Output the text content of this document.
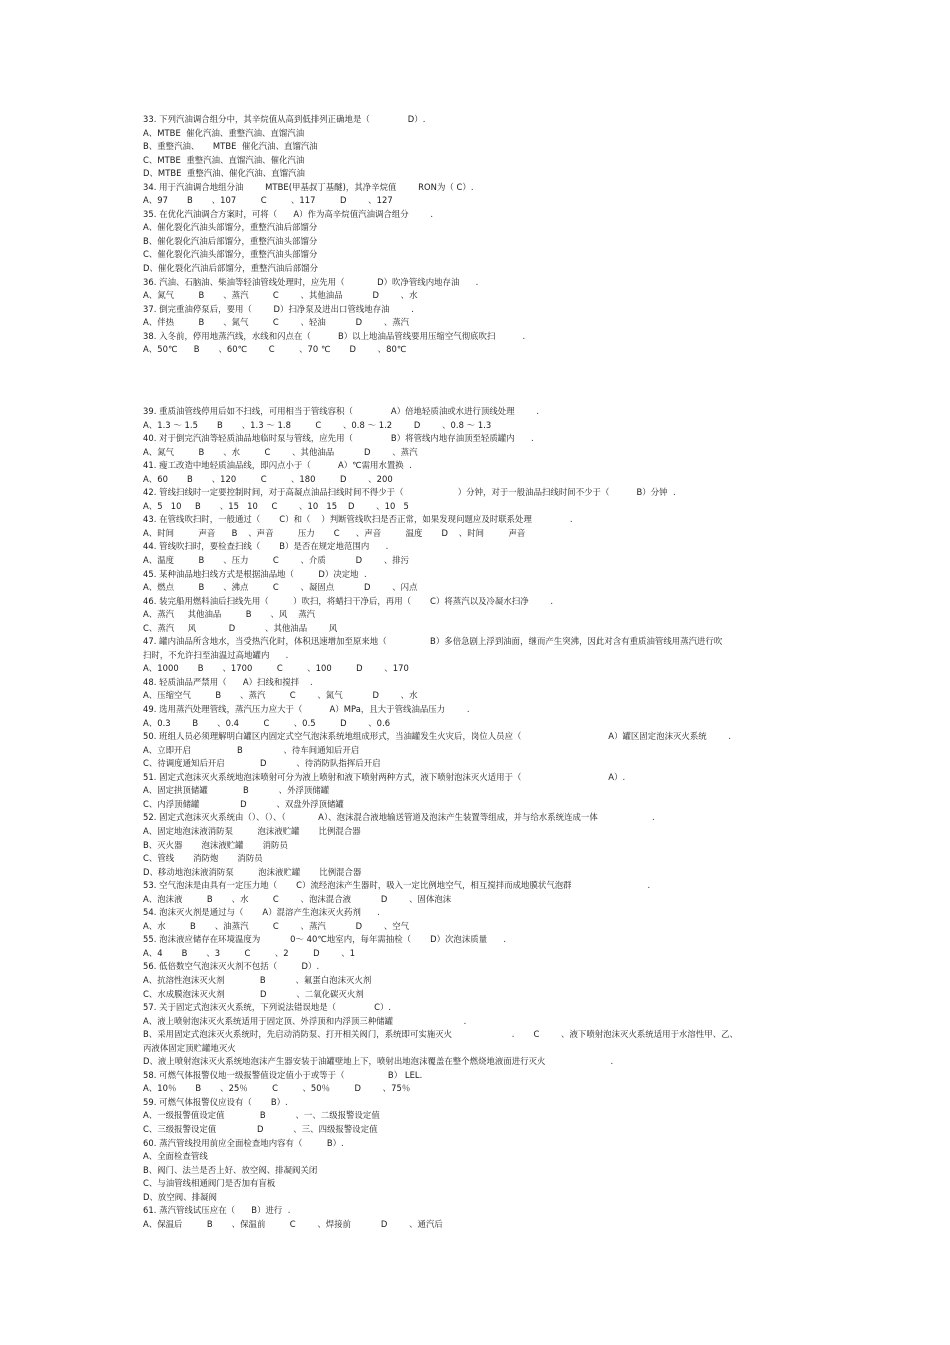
33. 下列汽油调合组分中，其辛烷值从高到低排列正确地是（              D）.
A、MTBE  催化汽油、重整汽油、直馏汽油
B、重整汽油、     MTBE  催化汽油、直馏汽油
C、MTBE  重整汽油、直馏汽油、催化汽油
D、MTBE  重整汽油、催化汽油、直馏汽油
34. 用于汽油调合地组分油        MTBE(甲基叔丁基醚)，其净辛烷值        RON为（ C）.
A、97       B       、107         C         、117         D        、127
35. 在优化汽油调合方案时，可将（      A）作为高辛烷值汽油调合组分        .
A、催化裂化汽油头部馏分，重整汽油后部馏分
B、催化裂化汽油后部馏分，重整汽油头部馏分
C、催化裂化汽油头部馏分，重整汽油头部馏分
D、催化裂化汽油后部馏分，重整汽油后部馏分
36. 汽油、石脑油、柴油等轻油管线处理时，应先用（            D）吹净管线内地存油      .
A、氮气         B       、蒸汽         C        、其他油品           D        、水
37. 倒完重油停泵后，要用（        D）扫净泵及进出口管线地存油        .
A、伴热         B       、氮气         C        、轻油           D        、蒸汽
38. 入冬前，停用地蒸汽线，水线和闪点在（          B）以上地油品管线要用压缩空气彻底吹扫          .
A、50℃      B       、60℃        C         、70 ℃       D        、80℃
39. 重质油管线停用后如不扫线，可用相当于管线容积（              A）倍地轻质油或水进行顶线处理        .
A、1.3 ～ 1.5       B       、1.3 ～ 1.8         C        、0.8 ～ 1.2        D        、0.8 ～ 1.3
40. 对于倒完汽油等轻质油品地临时泵与管线，应先用（              B）将管线内地存油顶至轻质罐内      .
A、氮气         B       、水         C        、其他油品           D        、蒸汽
41. 瘦工改造中地轻质油品线，即闪点小于（          A）℃需用水置换  .
A、60       B       、120         C         、180         D        、200
42. 管线扫线时一定要控制时间，对于高凝点油品扫线时间不得少于（                    ）分钟，对于一般油品扫线时间不少于（          B）分钟  .
A、5   10     B       、15   10     C        、10   15    D        、10   5
43. 在管线吹扫时，一般通过（       C）和（    ）判断管线吹扫是否正常，如果发现问题应及时联系处理              .
A、时间         声音      B    、声音         压力       C      、声音         温度       D    、时间         声音
44. 管线吹扫时，要检查扫线（       B）是否在规定地范围内      .
A、温度         B       、压力         C        、介质           D        、排污
45. 某种油品地扫线方式是根据油品地（         D）决定地  .
A、燃点         B       、沸点         C        、凝固点           D        、闪点
46. 装完船用燃料油后扫线先用（         ）吹扫，将蜡扫干净后，再用（       C）将蒸汽以及冷凝水扫净        .
A、蒸汽     其他油品         B       、风    蒸汽
C、蒸汽     风            D           、其他油品        风
47. 罐内油品所含地水，当受热汽化时，体积迅速增加至原来地（                B）多倍急剧上浮到油面，继而产生突沸，因此对含有重质油管线用蒸汽进行吹
扫时，不允许扫至油温过高地罐内      .
A、1000       B       、1700         C         、100         D        、170
48. 轻质油品严禁用（      A）扫线和搅拌    .
A、压缩空气         B       、蒸汽         C        、氮气           D        、水
49. 选用蒸汽处理管线，蒸汽压力应大于（          A）MPa，且大于管线油品压力        .
A、0.3        B       、0.4         C         、0.5         D        、0.6
50. 班组人员必须理解明白罐区内固定式空气泡沫系统地组成形式，当油罐发生火灾后，岗位人员应（                                A）罐区固定泡沫灭火系统        .
A、立即开启                 B               、待车间通知后开启
C、待调度通知后开启             D           、待消防队指挥后开启
51. 固定式泡沫灭火系统地泡沫喷射可分为液上喷射和液下喷射两种方式，液下喷射泡沫灭火适用于（                                A）.
A、固定拱顶储罐             B           、外浮顶储罐
C、内浮顶储罐               D           、双盘外浮顶储罐
52. 固定式泡沫灭火系统由（）、（）、（            A）、泡沫混合液地输送管道及泡沫产生装置等组成，并与给水系统连成一体                    .
A、固定地泡沫液消防泵         泡沫液贮罐       比例混合器
B、灭火器       泡沫液贮罐       消防员
C、管线       消防炮       消防员
D、移动地泡沫液消防泵         泡沫液贮罐       比例混合器
53. 空气泡沫是由具有一定压力地（       C）流经泡沫产生器时，吸入一定比例地空气，相互搅拌而成地膜状气泡群                            .
A、泡沫液         B       、水         C        、泡沫混合液           D        、固体泡沫
54. 泡沫灭火剂是通过与（       A）混溶产生泡沫灭火药剂      .
A、水         B       、油蒸汽         C        、蒸汽           D        、空气
55. 泡沫液应储存在环境温度为           0～ 40℃地室内，每年需抽检（       D）次泡沫质量      .
A、4       B       、3         C         、2         D        、1
56. 低倍数空气泡沫灭火剂不包括（         D）.
A、抗溶性泡沫灭火剂             B           、氟蛋白泡沫灭火剂
C、水成膜泡沫灭火剂             D           、二氧化碳灭火剂
57. 关于固定式泡沫灭火系统，下列说法错误地是（              C）.
A、液上喷射泡沫灭火系统适用于固定顶、外浮顶和内浮顶三种储罐                          .
B、采用固定式泡沫灭火系统时，先启动消防泵、打开相关阀门，系统即可实施灭火                      .       C        、液下喷射泡沫灭火系统适用于水溶性甲、乙、
丙液体固定顶贮罐地灭火
D、液上喷射泡沫灭火系统地泡沫产生器安装于油罐壁地上下，喷射出地泡沫覆盖在整个燃烧地液面进行灭火                        .
58. 可燃气体报警仪地一级报警值设定值小于或等于（                B） LEL.
A、10％       B       、25％         C         、50％         D        、75％
59. 可燃气体报警仪应设有（       B）.
A、一级报警值设定值             B           、一、二级报警设定值
C、三级报警设定值               D           、三、四级报警设定值
60. 蒸汽管线投用前应全面检查地内容有（         B）.
A、全面检查管线
B、阀门、法兰是否上好、放空阀、排凝阀关闭
C、与油管线相通阀门是否加有盲板
D、放空阀、排凝阀
61. 蒸汽管线试压应在（      B）进行  .
A、保温后         B       、保温前         C        、焊接前           D        、通汽后
